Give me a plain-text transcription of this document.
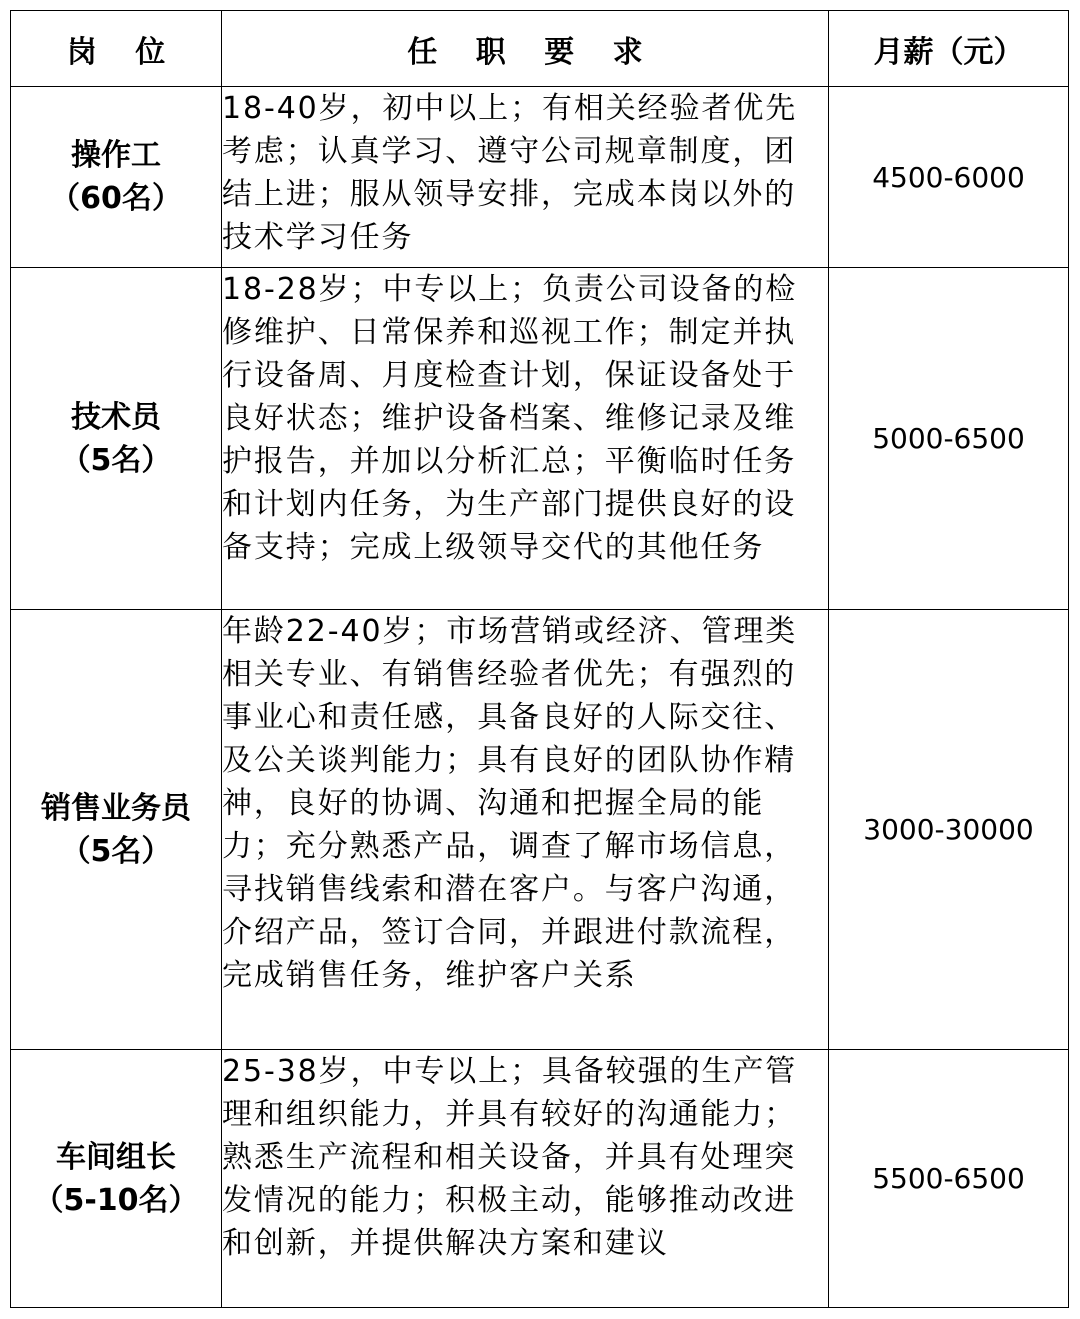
岗 位	任 职 要 求	月薪（元）

操作工
（60名）	18-40岁，初中以上；有相关经验者优先考虑；认真学习、遵守公司规章制度，团结上进；服从领导安排，完成本岗以外的技术学习任务	4500-6000

技术员
（5名）	18-28岁；中专以上；负责公司设备的检修维护、日常保养和巡视工作；制定并执行设备周、月度检查计划，保证设备处于良好状态；维护设备档案、维修记录及维护报告，并加以分析汇总；平衡临时任务和计划内任务，为生产部门提供良好的设备支持；完成上级领导交代的其他任务	5000-6500

销售业务员
（5名）	年龄22-40岁；市场营销或经济、管理类相关专业、有销售经验者优先；有强烈的事业心和责任感，具备良好的人际交往、及公关谈判能力；具有良好的团队协作精神，良好的协调、沟通和把握全局的能力；充分熟悉产品，调查了解市场信息，寻找销售线索和潜在客户。与客户沟通，介绍产品，签订合同，并跟进付款流程，完成销售任务，维护客户关系	3000-30000

车间组长
（5-10名）	25-38岁，中专以上；具备较强的生产管理和组织能力，并具有较好的沟通能力；熟悉生产流程和相关设备，并具有处理突发情况的能力；积极主动，能够推动改进和创新，并提供解决方案和建议	5500-6500
